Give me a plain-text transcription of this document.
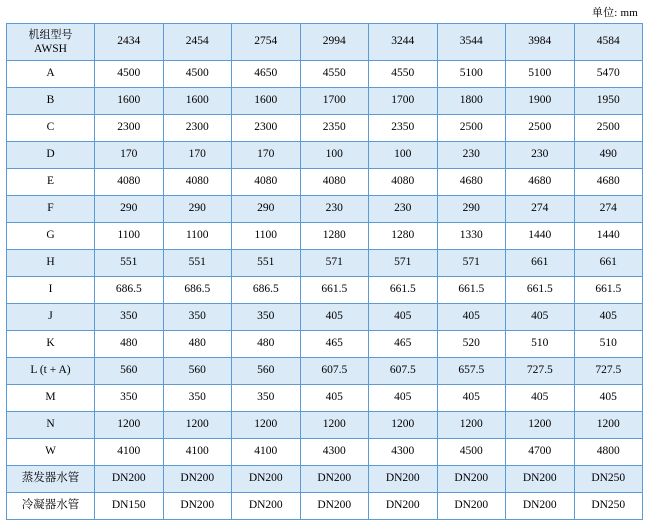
单位: mm
机组型号
AWSH	2434	2454	2754	2994	3244	3544	3984	4584
A	4500	4500	4650	4550	4550	5100	5100	5470
B	1600	1600	1600	1700	1700	1800	1900	1950
C	2300	2300	2300	2350	2350	2500	2500	2500
D	170	170	170	100	100	230	230	490
E	4080	4080	4080	4080	4080	4680	4680	4680
F	290	290	290	230	230	290	274	274
G	1100	1100	1100	1280	1280	1330	1440	1440
H	551	551	551	571	571	571	661	661
I	686.5	686.5	686.5	661.5	661.5	661.5	661.5	661.5
J	350	350	350	405	405	405	405	405
K	480	480	480	465	465	520	510	510
L (t + A)	560	560	560	607.5	607.5	657.5	727.5	727.5
M	350	350	350	405	405	405	405	405
N	1200	1200	1200	1200	1200	1200	1200	1200
W	4100	4100	4100	4300	4300	4500	4700	4800
蒸发器水管	DN200	DN200	DN200	DN200	DN200	DN200	DN200	DN250
冷凝器水管	DN150	DN200	DN200	DN200	DN200	DN200	DN200	DN250
